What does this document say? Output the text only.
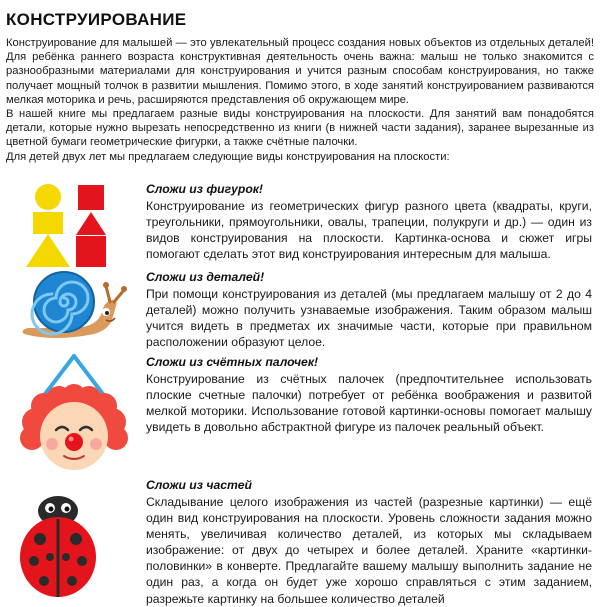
КОНСТРУИРОВАНИЕ

Конструирование для малышей — это увлекательный процесс создания новых объектов из отдельных деталей! Для ребёнка раннего возраста конструктивная деятельность очень важна: малыш не только знакомится с разнообразными материалами для конструирования и учится разным способам конструирования, но также получает мощный толчок в развитии мышления. Помимо этого, в ходе занятий конструированием развиваются мелкая моторика и речь, расширяются представления об окружающем мире.

В нашей книге мы предлагаем разные виды конструирования на плоскости. Для занятий вам понадобятся детали, которые нужно вырезать непосредственно из книги (в нижней части задания), заранее вырезанные из цветной бумаги геометрические фигурки, а также счётные палочки.

Для детей двух лет мы предлагаем следующие виды конструирования на плоскости:

Сложи из фигурок!
Конструирование из геометрических фигур разного цвета (квадраты, круги, треугольники, прямоугольники, овалы, трапеции, полукруги и др.) — один из видов конструирования на плоскости. Картинка-основа и сюжет игры помогают сделать этот вид конструирования интересным для малыша.
Сложи из деталей!
При помощи конструирования из деталей (мы предлагаем малышу от 2 до 4 деталей) можно получить узнаваемые изображения. Таким образом малыш учится видеть в предметах их значимые части, которые при правильном расположении образуют целое.
Сложи из счётных палочек!
Конструирование из счётных палочек (предпочтительнее использовать плоские счетные палочки) потребует от ребёнка воображения и развитой мелкой моторики. Использование готовой картинки-основы помогает малышу увидеть в довольно абстрактной фигуре из палочек реальный объект.
Сложи из частей
Складывание целого изображения из частей (разрезные картинки) — ещё один вид конструирования на плоскости. Уровень сложности задания можно менять, увеличивая количество деталей, из которых мы складываем изображение: от двух до четырех и более деталей. Храните «картинки-половинки» в конверте. Предлагайте вашему малышу выполнить задание не один раз, а когда он будет уже хорошо справляться с этим заданием, разрежьте картинку на большее количество деталей
